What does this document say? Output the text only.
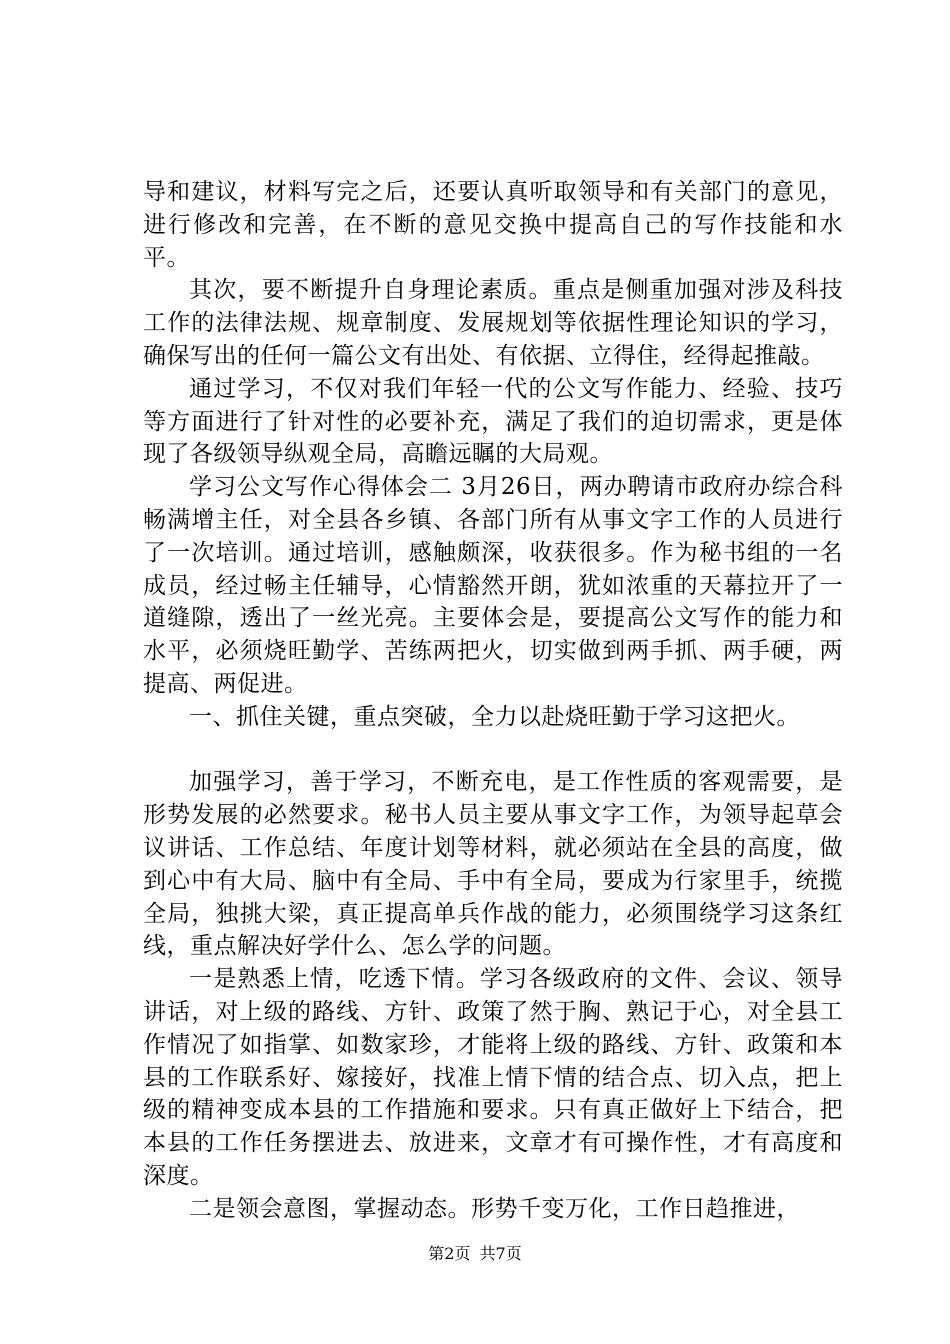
导和建议，材料写完之后，还要认真听取领导和有关部门的意见，进行修改和完善，在不断的意见交换中提高自己的写作技能和水平。

其次，要不断提升自身理论素质。重点是侧重加强对涉及科技工作的法律法规、规章制度、发展规划等依据性理论知识的学习，确保写出的任何一篇公文有出处、有依据、立得住，经得起推敲。

通过学习，不仅对我们年轻一代的公文写作能力、经验、技巧等方面进行了针对性的必要补充，满足了我们的迫切需求，更是体现了各级领导纵观全局，高瞻远瞩的大局观。

学习公文写作心得体会二 3月26日，两办聘请市政府办综合科畅满增主任，对全县各乡镇、各部门所有从事文字工作的人员进行了一次培训。通过培训，感触颇深，收获很多。作为秘书组的一名成员，经过畅主任辅导，心情豁然开朗，犹如浓重的天幕拉开了一道缝隙，透出了一丝光亮。主要体会是，要提高公文写作的能力和水平，必须烧旺勤学、苦练两把火，切实做到两手抓、两手硬，两提高、两促进。

一、抓住关键，重点突破，全力以赴烧旺勤于学习这把火。

加强学习，善于学习，不断充电，是工作性质的客观需要，是形势发展的必然要求。秘书人员主要从事文字工作，为领导起草会议讲话、工作总结、年度计划等材料，就必须站在全县的高度，做到心中有大局、脑中有全局、手中有全局，要成为行家里手，统揽全局，独挑大梁，真正提高单兵作战的能力，必须围绕学习这条红线，重点解决好学什么、怎么学的问题。

一是熟悉上情，吃透下情。学习各级政府的文件、会议、领导讲话，对上级的路线、方针、政策了然于胸、熟记于心，对全县工作情况了如指掌、如数家珍，才能将上级的路线、方针、政策和本县的工作联系好、嫁接好，找准上情下情的结合点、切入点，把上级的精神变成本县的工作措施和要求。只有真正做好上下结合，把本县的工作任务摆进去、放进来，文章才有可操作性，才有高度和深度。

二是领会意图，掌握动态。形势千变万化，工作日趋推进，

第2页 共7页
